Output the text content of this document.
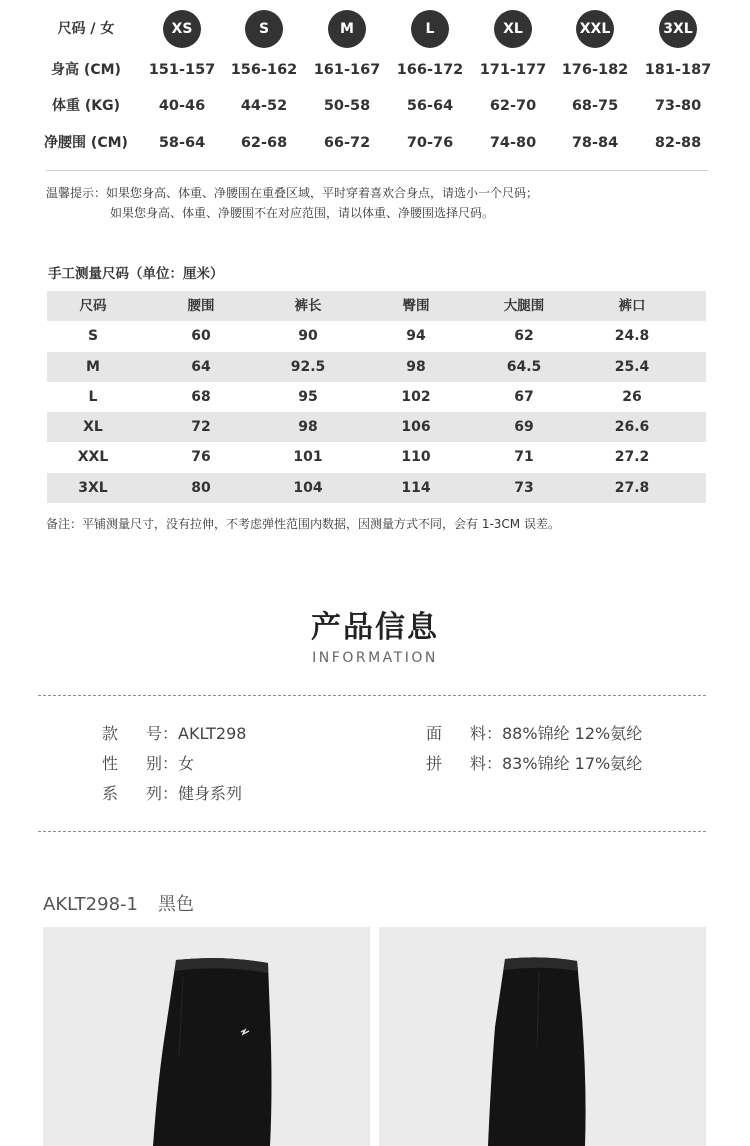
尺码 / 女	XS	S	M	L	XL	XXL	3XL
身高 (CM)	151-157	156-162	161-167	166-172	171-177	176-182	181-187
体重 (KG)	40-46	44-52	50-58	56-64	62-70	68-75	73-80
净腰围 (CM)	58-64	62-68	66-72	70-76	74-80	78-84	82-88
温馨提示：如果您身高、体重、净腰围在重叠区域，平时穿着喜欢合身点，请选小一个尺码；
如果您身高、体重、净腰围不在对应范围，请以体重、净腰围选择尺码。
手工测量尺码（单位：厘米）
尺码	腰围	裤长	臀围	大腿围	裤口
S	60	90	94	62	24.8
M	64	92.5	98	64.5	25.4
L	68	95	102	67	26
XL	72	98	106	69	26.6
XXL	76	101	110	71	27.2
3XL	80	104	114	73	27.8
备注：平铺测量尺寸，没有拉伸，不考虑弹性范围内数据，因测量方式不同，会有 1-3CM 误差。
产品信息
INFORMATION
款 号：AKLT298
性 别：女
系 列：健身系列
面 料：88%锦纶 12%氨纶
拼 料：83%锦纶 17%氨纶
AKLT298-1 黑色
